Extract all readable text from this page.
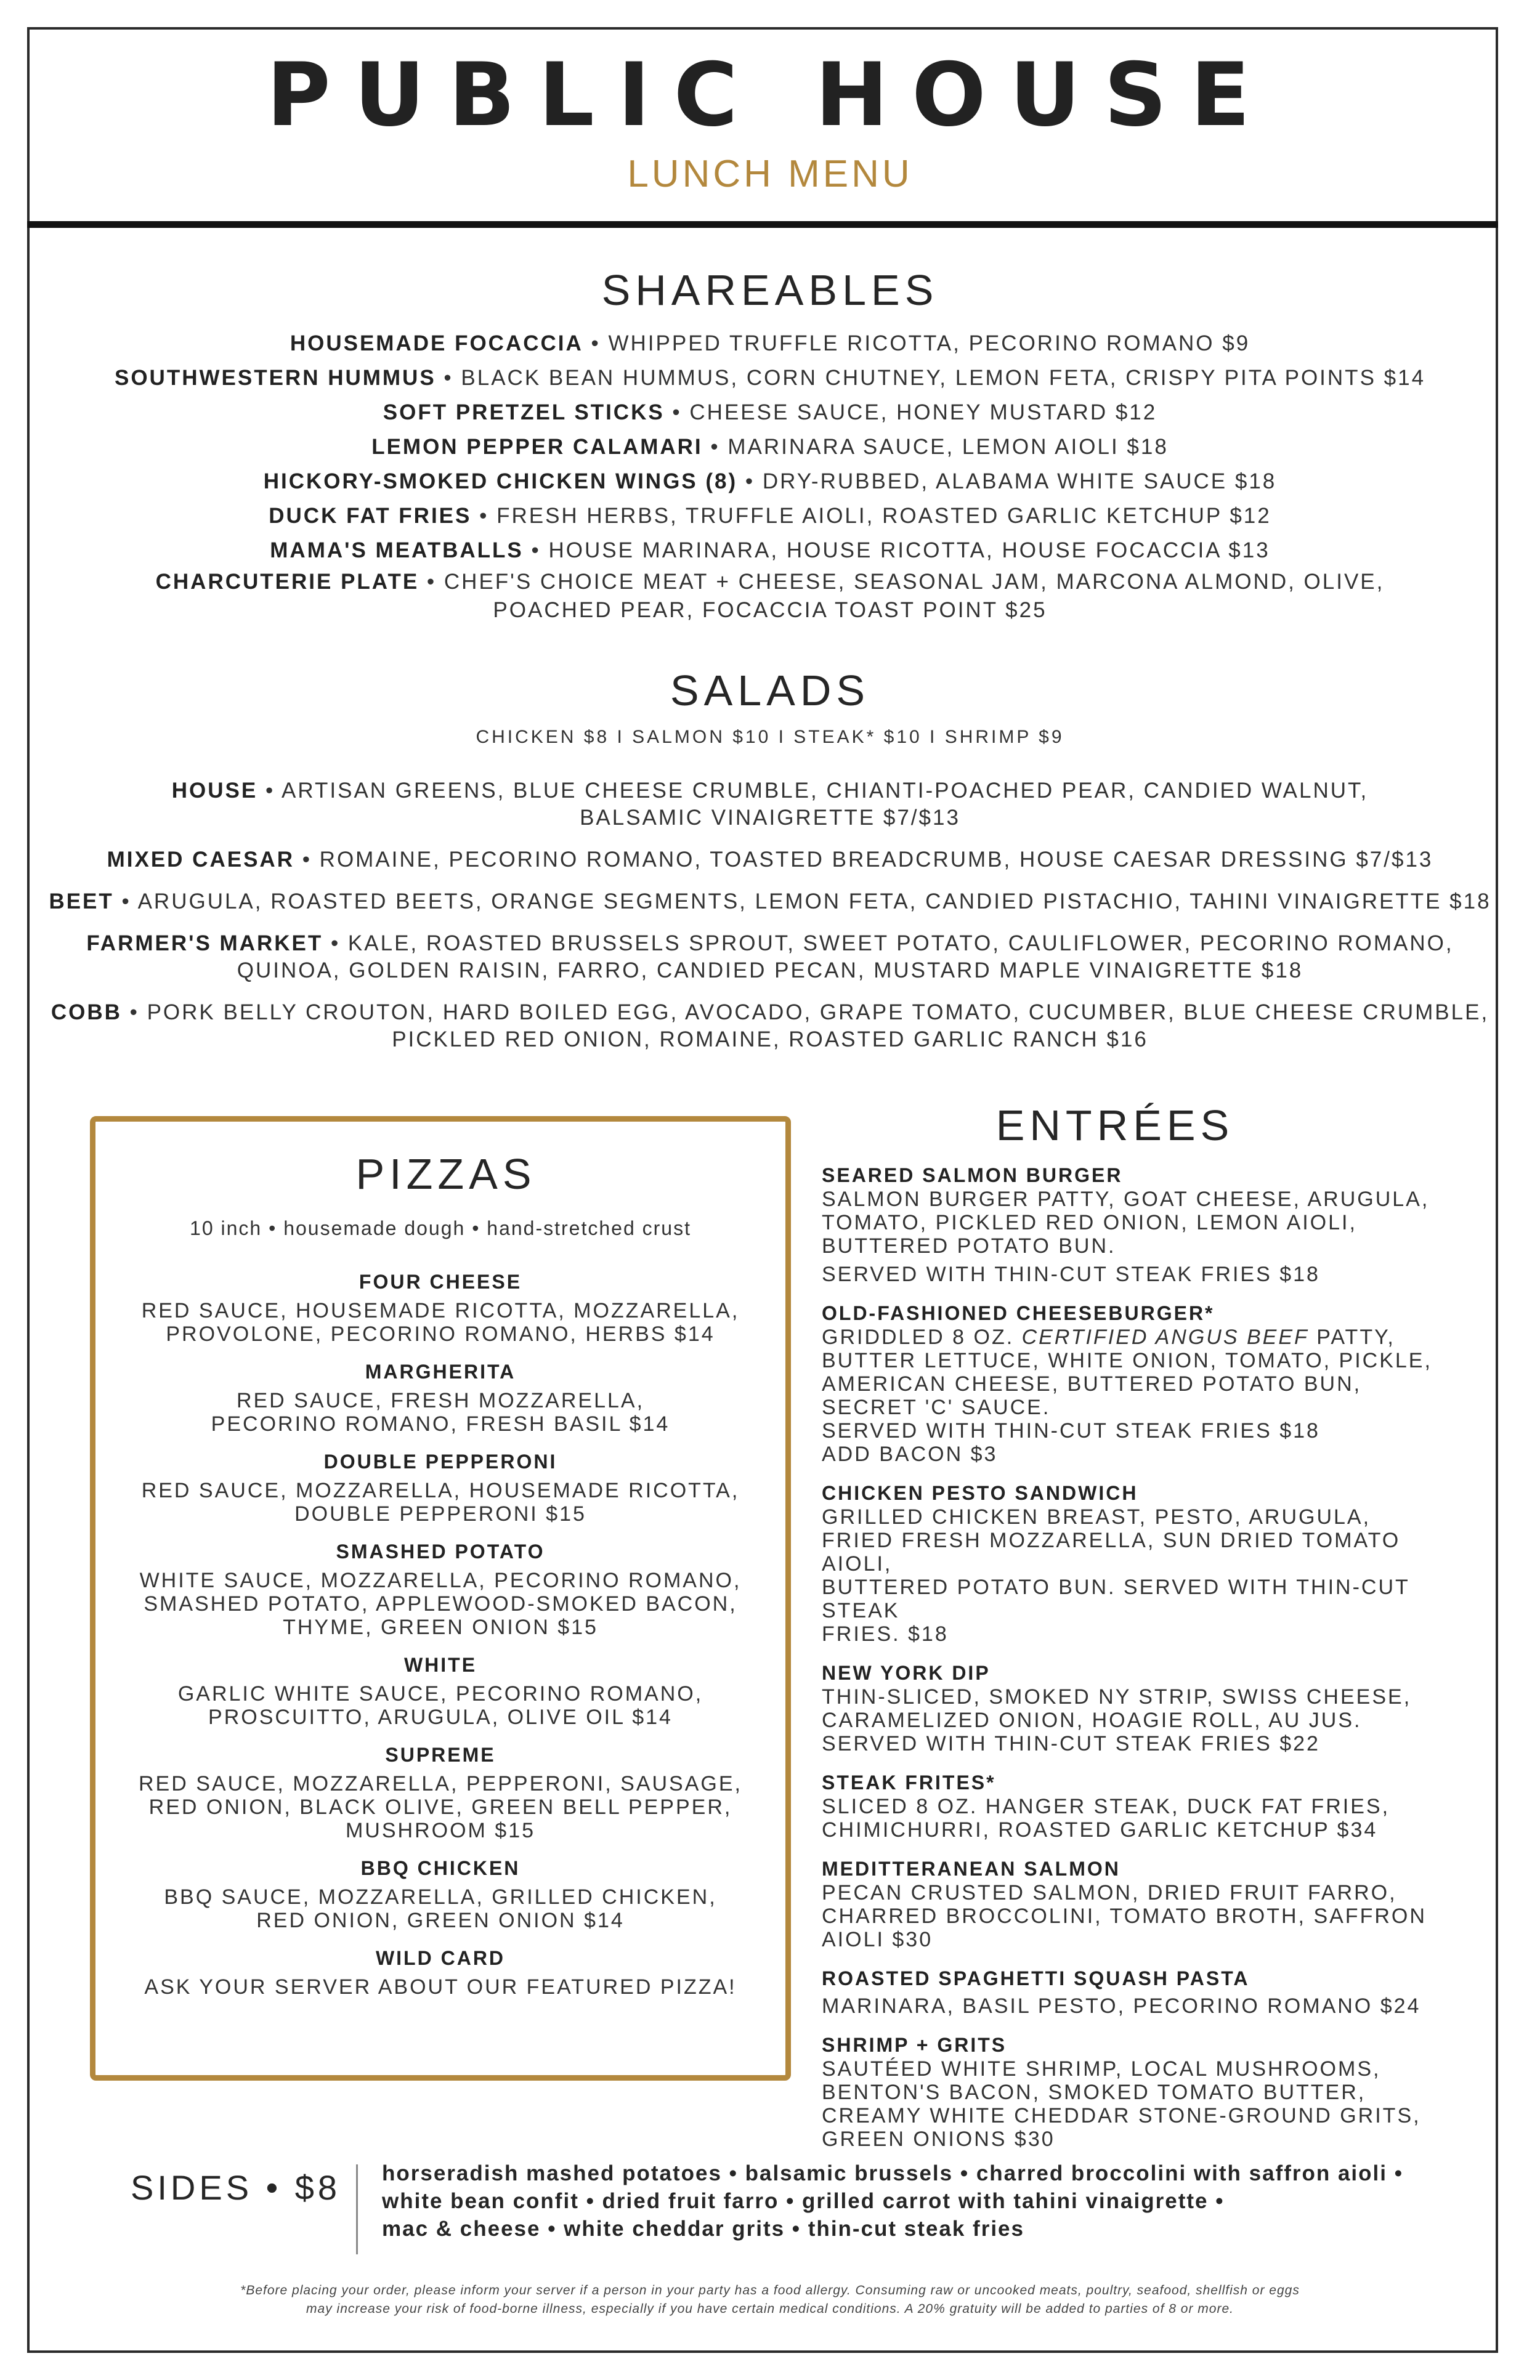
PUBLIC HOUSE
LUNCH MENU
SHAREABLES
HOUSEMADE FOCACCIA • WHIPPED TRUFFLE RICOTTA, PECORINO ROMANO $9
SOUTHWESTERN HUMMUS • BLACK BEAN HUMMUS, CORN CHUTNEY, LEMON FETA, CRISPY PITA POINTS $14
SOFT PRETZEL STICKS • CHEESE SAUCE, HONEY MUSTARD $12
LEMON PEPPER CALAMARI • MARINARA SAUCE, LEMON AIOLI $18
HICKORY-SMOKED CHICKEN WINGS (8) • DRY-RUBBED, ALABAMA WHITE SAUCE $18
DUCK FAT FRIES • FRESH HERBS, TRUFFLE AIOLI, ROASTED GARLIC KETCHUP $12
MAMA'S MEATBALLS • HOUSE MARINARA, HOUSE RICOTTA, HOUSE FOCACCIA $13
CHARCUTERIE PLATE • CHEF'S CHOICE MEAT + CHEESE, SEASONAL JAM, MARCONA ALMOND, OLIVE,
POACHED PEAR, FOCACCIA TOAST POINT $25
SALADS
CHICKEN $8 I SALMON $10 I STEAK* $10 I SHRIMP $9
HOUSE • ARTISAN GREENS, BLUE CHEESE CRUMBLE, CHIANTI-POACHED PEAR, CANDIED WALNUT,
BALSAMIC VINAIGRETTE $7/$13
MIXED CAESAR • ROMAINE, PECORINO ROMANO, TOASTED BREADCRUMB, HOUSE CAESAR DRESSING $7/$13
BEET • ARUGULA, ROASTED BEETS, ORANGE SEGMENTS, LEMON FETA, CANDIED PISTACHIO, TAHINI VINAIGRETTE $18
FARMER'S MARKET • KALE, ROASTED BRUSSELS SPROUT, SWEET POTATO, CAULIFLOWER, PECORINO ROMANO,
QUINOA, GOLDEN RAISIN, FARRO, CANDIED PECAN, MUSTARD MAPLE VINAIGRETTE $18
COBB • PORK BELLY CROUTON, HARD BOILED EGG, AVOCADO, GRAPE TOMATO, CUCUMBER, BLUE CHEESE CRUMBLE,
PICKLED RED ONION, ROMAINE, ROASTED GARLIC RANCH $16
PIZZAS
10 inch • housemade dough • hand-stretched crust
FOUR CHEESE
RED SAUCE, HOUSEMADE RICOTTA, MOZZARELLA,
PROVOLONE, PECORINO ROMANO, HERBS $14
MARGHERITA
RED SAUCE, FRESH MOZZARELLA,
PECORINO ROMANO, FRESH BASIL $14
DOUBLE PEPPERONI
RED SAUCE, MOZZARELLA, HOUSEMADE RICOTTA,
DOUBLE PEPPERONI $15
SMASHED POTATO
WHITE SAUCE, MOZZARELLA, PECORINO ROMANO,
SMASHED POTATO, APPLEWOOD-SMOKED BACON,
THYME, GREEN ONION $15
WHITE
GARLIC WHITE SAUCE, PECORINO ROMANO,
PROSCUITTO, ARUGULA, OLIVE OIL $14
SUPREME
RED SAUCE, MOZZARELLA, PEPPERONI, SAUSAGE,
RED ONION, BLACK OLIVE, GREEN BELL PEPPER,
MUSHROOM $15
BBQ CHICKEN
BBQ SAUCE, MOZZARELLA, GRILLED CHICKEN,
RED ONION, GREEN ONION $14
WILD CARD
ASK YOUR SERVER ABOUT OUR FEATURED PIZZA!
ENTRÉES
SEARED SALMON BURGER
SALMON BURGER PATTY, GOAT CHEESE, ARUGULA,
TOMATO, PICKLED RED ONION, LEMON AIOLI,
BUTTERED POTATO BUN.
SERVED WITH THIN-CUT STEAK FRIES $18
OLD-FASHIONED CHEESEBURGER*
GRIDDLED 8 OZ. CERTIFIED ANGUS BEEF PATTY,
BUTTER LETTUCE, WHITE ONION, TOMATO, PICKLE,
AMERICAN CHEESE, BUTTERED POTATO BUN,
SECRET 'C' SAUCE.
SERVED WITH THIN-CUT STEAK FRIES $18
ADD BACON $3
CHICKEN PESTO SANDWICH
GRILLED CHICKEN BREAST, PESTO, ARUGULA,
FRIED FRESH MOZZARELLA, SUN DRIED TOMATO AIOLI,
BUTTERED POTATO BUN. SERVED WITH THIN-CUT STEAK
FRIES. $18
NEW YORK DIP
THIN-SLICED, SMOKED NY STRIP, SWISS CHEESE,
CARAMELIZED ONION, HOAGIE ROLL, AU JUS.
SERVED WITH THIN-CUT STEAK FRIES $22
STEAK FRITES*
SLICED 8 OZ. HANGER STEAK, DUCK FAT FRIES,
CHIMICHURRI, ROASTED GARLIC KETCHUP $34
MEDITTERANEAN SALMON
PECAN CRUSTED SALMON, DRIED FRUIT FARRO,
CHARRED BROCCOLINI, TOMATO BROTH, SAFFRON
AIOLI $30
ROASTED SPAGHETTI SQUASH PASTA
MARINARA, BASIL PESTO, PECORINO ROMANO $24
SHRIMP + GRITS
SAUTÉED WHITE SHRIMP, LOCAL MUSHROOMS,
BENTON'S BACON, SMOKED TOMATO BUTTER,
CREAMY WHITE CHEDDAR STONE-GROUND GRITS,
GREEN ONIONS $30
SIDES • $8 horseradish mashed potatoes • balsamic brussels • charred broccolini with saffron aioli •
white bean confit • dried fruit farro • grilled carrot with tahini vinaigrette •
mac & cheese • white cheddar grits • thin-cut steak fries
*Before placing your order, please inform your server if a person in your party has a food allergy. Consuming raw or uncooked meats, poultry, seafood, shellfish or eggs
may increase your risk of food-borne illness, especially if you have certain medical conditions. A 20% gratuity will be added to parties of 8 or more.
